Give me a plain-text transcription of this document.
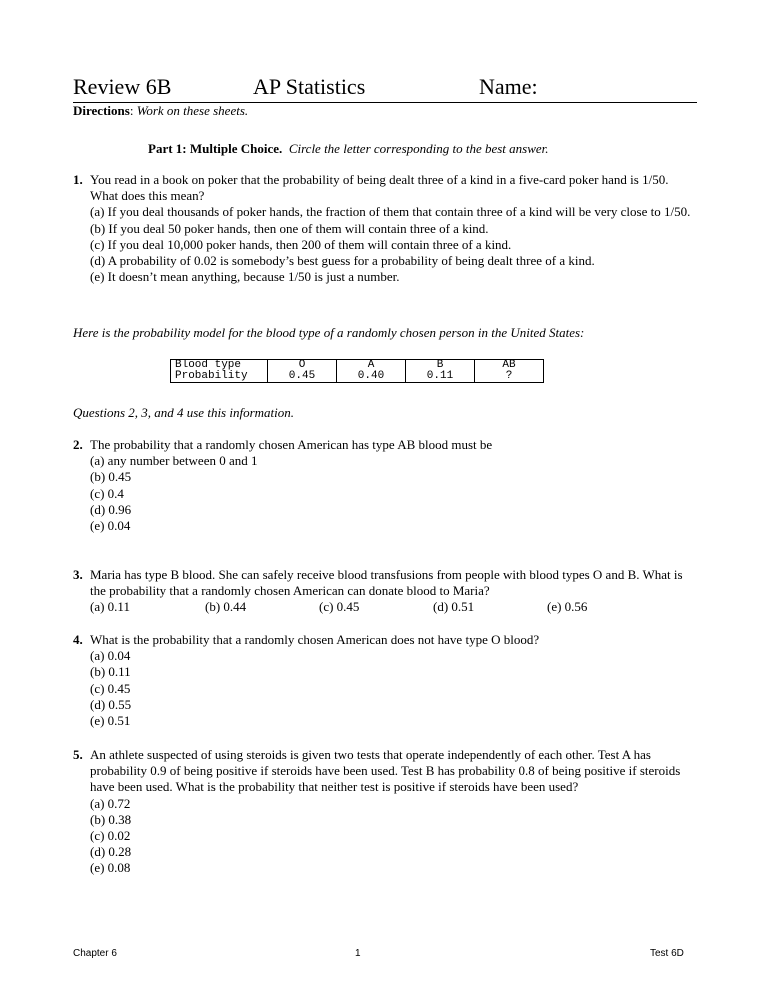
Review 6B	AP Statistics	Name:
Directions: Work on these sheets.
Part 1: Multiple Choice. Circle the letter corresponding to the best answer.
1. You read in a book on poker that the probability of being dealt three of a kind in a five-card poker hand is 1/50. What does this mean?
(a) If you deal thousands of poker hands, the fraction of them that contain three of a kind will be very close to 1/50.
(b) If you deal 50 poker hands, then one of them will contain three of a kind.
(c) If you deal 10,000 poker hands, then 200 of them will contain three of a kind.
(d) A probability of 0.02 is somebody’s best guess for a probability of being dealt three of a kind.
(e) It doesn’t mean anything, because 1/50 is just a number.
Here is the probability model for the blood type of a randomly chosen person in the United States:
Blood type	O	A	B	AB
Probability	0.45	0.40	0.11	?
Questions 2, 3, and 4 use this information.
2. The probability that a randomly chosen American has type AB blood must be
(a) any number between 0 and 1
(b) 0.45
(c) 0.4
(d) 0.96
(e) 0.04
3. Maria has type B blood. She can safely receive blood transfusions from people with blood types O and B. What is the probability that a randomly chosen American can donate blood to Maria?
(a) 0.11	(b) 0.44	(c) 0.45	(d) 0.51	(e) 0.56
4. What is the probability that a randomly chosen American does not have type O blood?
(a) 0.04
(b) 0.11
(c) 0.45
(d) 0.55
(e) 0.51
5. An athlete suspected of using steroids is given two tests that operate independently of each other. Test A has probability 0.9 of being positive if steroids have been used. Test B has probability 0.8 of being positive if steroids have been used. What is the probability that neither test is positive if steroids have been used?
(a) 0.72
(b) 0.38
(c) 0.02
(d) 0.28
(e) 0.08
Chapter 6	1	Test 6D
